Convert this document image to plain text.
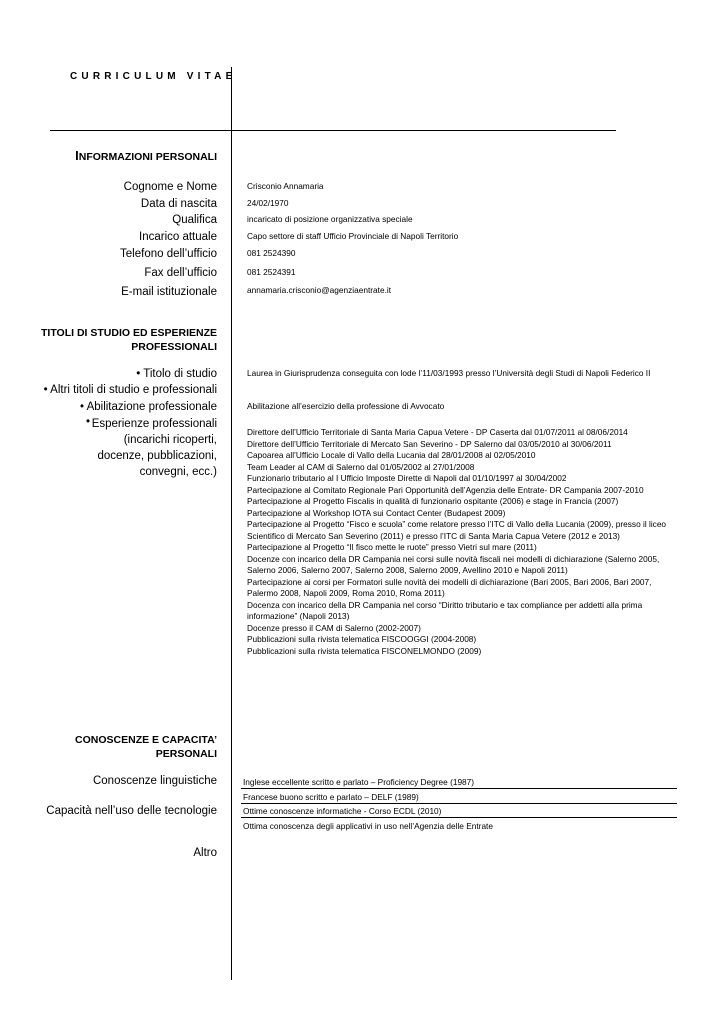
CURRICULUM VITAE
INFORMAZIONI PERSONALI
Cognome e Nome
Data di nascita
Qualifica
Incarico attuale
Telefono dell’ufficio
Fax dell’ufficio
E-mail istituzionale
Crisconio Annamaria
24/02/1970
incaricato di posizione organizzativa speciale
Capo settore di staff Ufficio Provinciale di Napoli Territorio
081 2524390
081 2524391
annamaria.crisconio@agenziaentrate.it
TITOLI DI STUDIO ED ESPERIENZE
PROFESSIONALI
• Titolo di studio
• Altri titoli di studio e professionali
• Abilitazione professionale
• Esperienze professionali
(incarichi ricoperti,
docenze, pubblicazioni,
convegni, ecc.)
Laurea in Giurisprudenza conseguita con lode l’11/03/1993 presso l’Università degli Studi di Napoli Federico II
Abilitazione all’esercizio della professione di Avvocato
Direttore dell’Ufficio Territoriale di Santa Maria Capua Vetere - DP Caserta dal 01/07/2011 al 08/06/2014
Direttore dell’Ufficio Territoriale di Mercato San Severino - DP Salerno dal 03/05/2010 al 30/06/2011
Capoarea all’Ufficio Locale di Vallo della Lucania dal 28/01/2008 al 02/05/2010
Team Leader al CAM di Salerno dal 01/05/2002 al 27/01/2008
Funzionario tributario al I Ufficio Imposte Dirette di Napoli dal 01/10/1997 al 30/04/2002
Partecipazione al Comitato Regionale Pari Opportunità dell’Agenzia delle Entrate- DR Campania 2007-2010
Partecipazione al Progetto Fiscalis in qualità di funzionario ospitante (2006) e stage in Francia (2007)
Partecipazione al Workshop IOTA sui Contact Center (Budapest 2009)
Partecipazione al Progetto “Fisco e scuola” come relatore presso l’ITC di Vallo della Lucania (2009), presso il liceo Scientifico di Mercato San Severino (2011) e presso l’ITC di Santa Maria Capua Vetere (2012 e 2013)
Partecipazione al Progetto “Il fisco mette le ruote” presso Vietri sul mare (2011)
Docenze con incarico della DR Campania nei corsi sulle novità fiscali nei modelli di dichiarazione (Salerno 2005, Salerno 2006, Salerno 2007, Salerno 2008, Salerno 2009, Avellino 2010 e Napoli 2011)
Partecipazione ai corsi per Formatori sulle novità dei modelli di dichiarazione (Bari 2005, Bari 2006, Bari 2007, Palermo 2008, Napoli 2009, Roma 2010, Roma 2011)
Docenza con incarico della DR Campania nel corso “Diritto tributario e tax compliance per addetti alla prima informazione” (Napoli 2013)
Docenze presso il CAM di Salerno (2002-2007)
Pubblicazioni sulla rivista telematica FISCOOGGI (2004-2008)
Pubblicazioni sulla rivista telematica FISCONELMONDO (2009)
CONOSCENZE E CAPACITA’
PERSONALI
Conoscenze linguistiche
Capacità nell’uso delle tecnologie
Altro
Inglese eccellente scritto e parlato – Proficiency Degree (1987)
Francese buono scritto e parlato – DELF (1989)
Ottime conoscenze informatiche - Corso ECDL (2010)
Ottima conoscenza degli applicativi in uso nell’Agenzia delle Entrate
